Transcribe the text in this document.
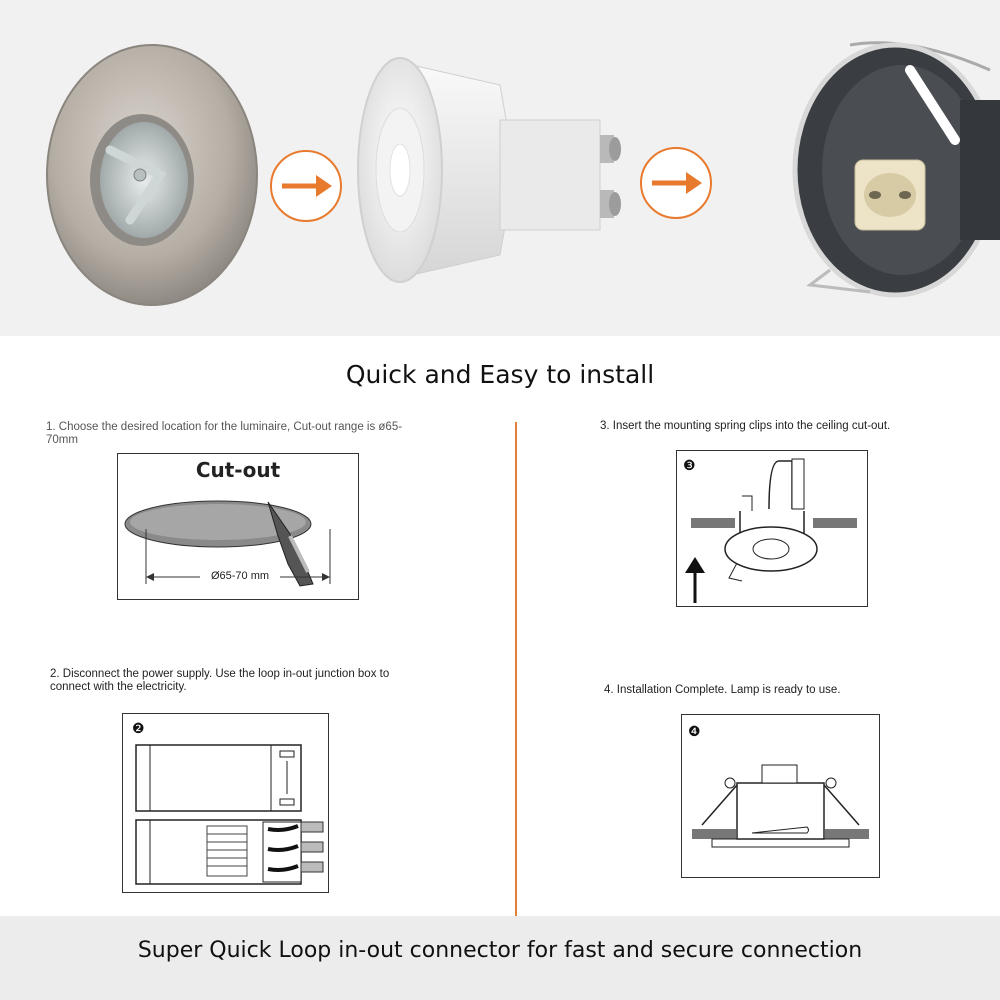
Quick and Easy to install
1. Choose the desired location for the luminaire, Cut-out range is ø65-70mm
Cut-out
Ø65-70 mm
2. Disconnect the power supply. Use the loop in-out junction box to connect with the electricity.
❷
3. Insert the mounting spring clips into the ceiling cut-out.
❸
4. Installation Complete. Lamp is ready to use.
❹
Super Quick Loop in-out connector for fast and secure connection
